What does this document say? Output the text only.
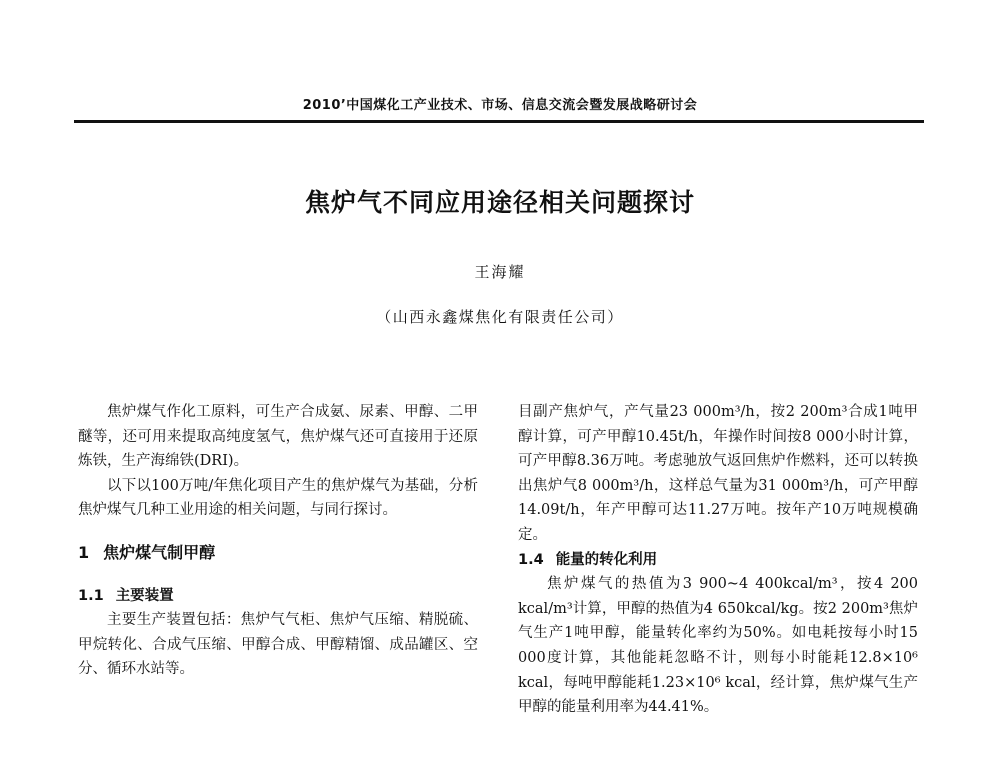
2010’中国煤化工产业技术、市场、信息交流会暨发展战略研讨会
焦炉气不同应用途径相关问题探讨
王海耀
（山西永鑫煤焦化有限责任公司）

焦炉煤气作化工原料，可生产合成氨、尿素、甲醇、二甲醚等，还可用来提取高纯度氢气，焦炉煤气还可直接用于还原炼铁，生产海绵铁(DRI)。

以下以100万吨/年焦化项目产生的焦炉煤气为基础，分析焦炉煤气几种工业用途的相关问题，与同行探讨。

1 焦炉煤气制甲醇
1.1 主要装置

主要生产装置包括：焦炉气气柜、焦炉气压缩、精脱硫、甲烷转化、合成气压缩、甲醇合成、甲醇精馏、成品罐区、空分、循环水站等。

目副产焦炉气，产气量23 000m³/h，按2 200m³合成1吨甲醇计算，可产甲醇10.45t/h，年操作时间按8 000小时计算，可产甲醇8.36万吨。考虑驰放气返回焦炉作燃料，还可以转换出焦炉气8 000m³/h，这样总气量为31 000m³/h，可产甲醇14.09t/h，年产甲醇可达11.27万吨。按年产10万吨规模确定。

1.4 能量的转化利用

焦炉煤气的热值为3 900~4 400kcal/m³，按4 200 kcal/m³计算，甲醇的热值为4 650kcal/kg。按2 200m³焦炉气生产1吨甲醇，能量转化率约为50%。如电耗按每小时15 000度计算，其他能耗忽略不计，则每小时能耗12.8×10⁶ kcal，每吨甲醇能耗1.23×10⁶ kcal，经计算，焦炉煤气生产甲醇的能量利用率为44.41%。
